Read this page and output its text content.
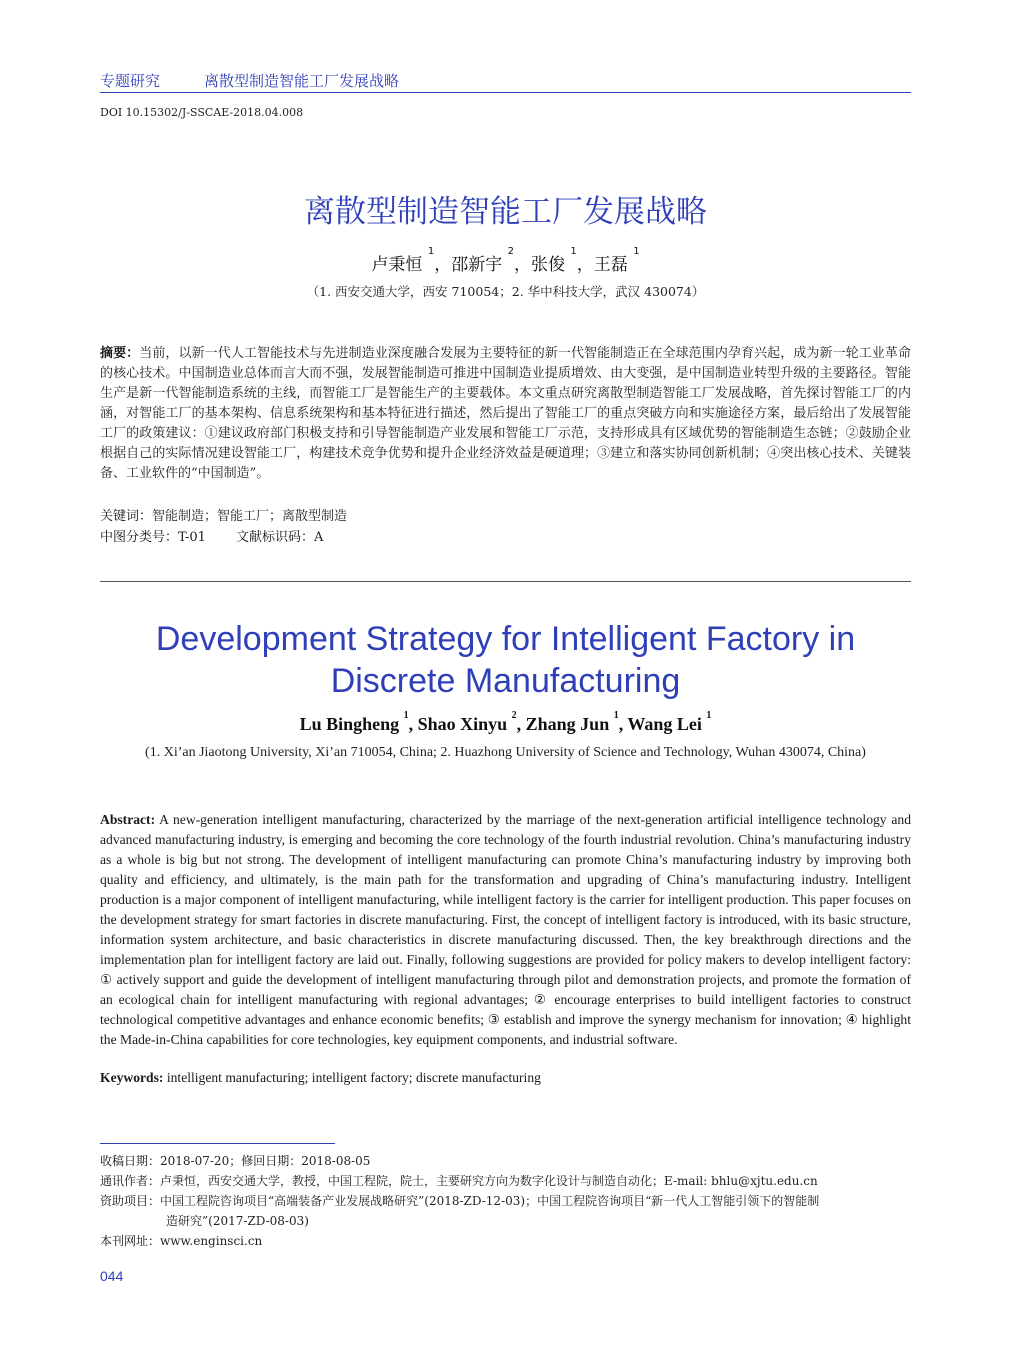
专题研究	离散型制造智能工厂发展战略
DOI 10.15302/J-SSCAE-2018.04.008
离散型制造智能工厂发展战略
卢秉恒 $^1$，邵新宇 $^2$，张俊 $^1$，王磊 $^1$
（1. 西安交通大学，西安 710054；2. 华中科技大学，武汉 430074）
摘要：当前，以新一代人工智能技术与先进制造业深度融合发展为主要特征的新一代智能制造正在全球范围内孕育兴起，成为新一轮工业革命的核心技术。中国制造业总体而言大而不强，发展智能制造可推进中国制造业提质增效、由大变强，是中国制造业转型升级的主要路径。智能生产是新一代智能制造系统的主线，而智能工厂是智能生产的主要载体。本文重点研究离散型制造智能工厂发展战略，首先探讨智能工厂的内涵，对智能工厂的基本架构、信息系统架构和基本特征进行描述，然后提出了智能工厂的重点突破方向和实施途径方案，最后给出了发展智能工厂的政策建议：①建议政府部门积极支持和引导智能制造产业发展和智能工厂示范，支持形成具有区域优势的智能制造生态链；②鼓励企业根据自己的实际情况建设智能工厂，构建技术竞争优势和提升企业经济效益是硬道理；③建立和落实协同创新机制；④突出核心技术、关键装备、工业软件的“中国制造”。
关键词：智能制造；智能工厂；离散型制造
中图分类号：T-01 文献标识码：A
Development Strategy for Intelligent Factory in Discrete Manufacturing
Lu Bingheng $^1$, Shao Xinyu $^2$, Zhang Jun $^1$, Wang Lei $^1$
(1. Xi’an Jiaotong University, Xi’an 710054, China; 2. Huazhong University of Science and Technology, Wuhan 430074, China)
Abstract: A new-generation intelligent manufacturing, characterized by the marriage of the next-generation artificial intelligence technology and advanced manufacturing industry, is emerging and becoming the core technology of the fourth industrial revolution. China’s manufacturing industry as a whole is big but not strong. The development of intelligent manufacturing can promote China’s manufacturing industry by improving both quality and efficiency, and ultimately, is the main path for the transformation and upgrading of China’s manufacturing industry. Intelligent production is a major component of intelligent manufacturing, while intelligent factory is the carrier for intelligent production. This paper focuses on the development strategy for smart factories in discrete manufacturing. First, the concept of intelligent factory is introduced, with its basic structure, information system architecture, and basic characteristics in discrete manufacturing discussed. Then, the key breakthrough directions and the implementation plan for intelligent factory are laid out. Finally, following suggestions are provided for policy makers to develop intelligent factory: ① actively support and guide the development of intelligent manufacturing through pilot and demonstration projects, and promote the formation of an ecological chain for intelligent manufacturing with regional advantages; ② encourage enterprises to build intelligent factories to construct technological competitive advantages and enhance economic benefits; ③ establish and improve the synergy mechanism for innovation; ④ highlight the Made-in-China capabilities for core technologies, key equipment components, and industrial software.
Keywords: intelligent manufacturing; intelligent factory; discrete manufacturing
收稿日期：2018-07-20；修回日期：2018-08-05
通讯作者：卢秉恒，西安交通大学，教授，中国工程院，院士，主要研究方向为数字化设计与制造自动化；E-mail: bhlu@xjtu.edu.cn
资助项目：中国工程院咨询项目“高端装备产业发展战略研究”(2018-ZD-12-03)；中国工程院咨询项目“新一代人工智能引领下的智能制
造研究”(2017-ZD-08-03)
本刊网址：www.enginsci.cn
044
